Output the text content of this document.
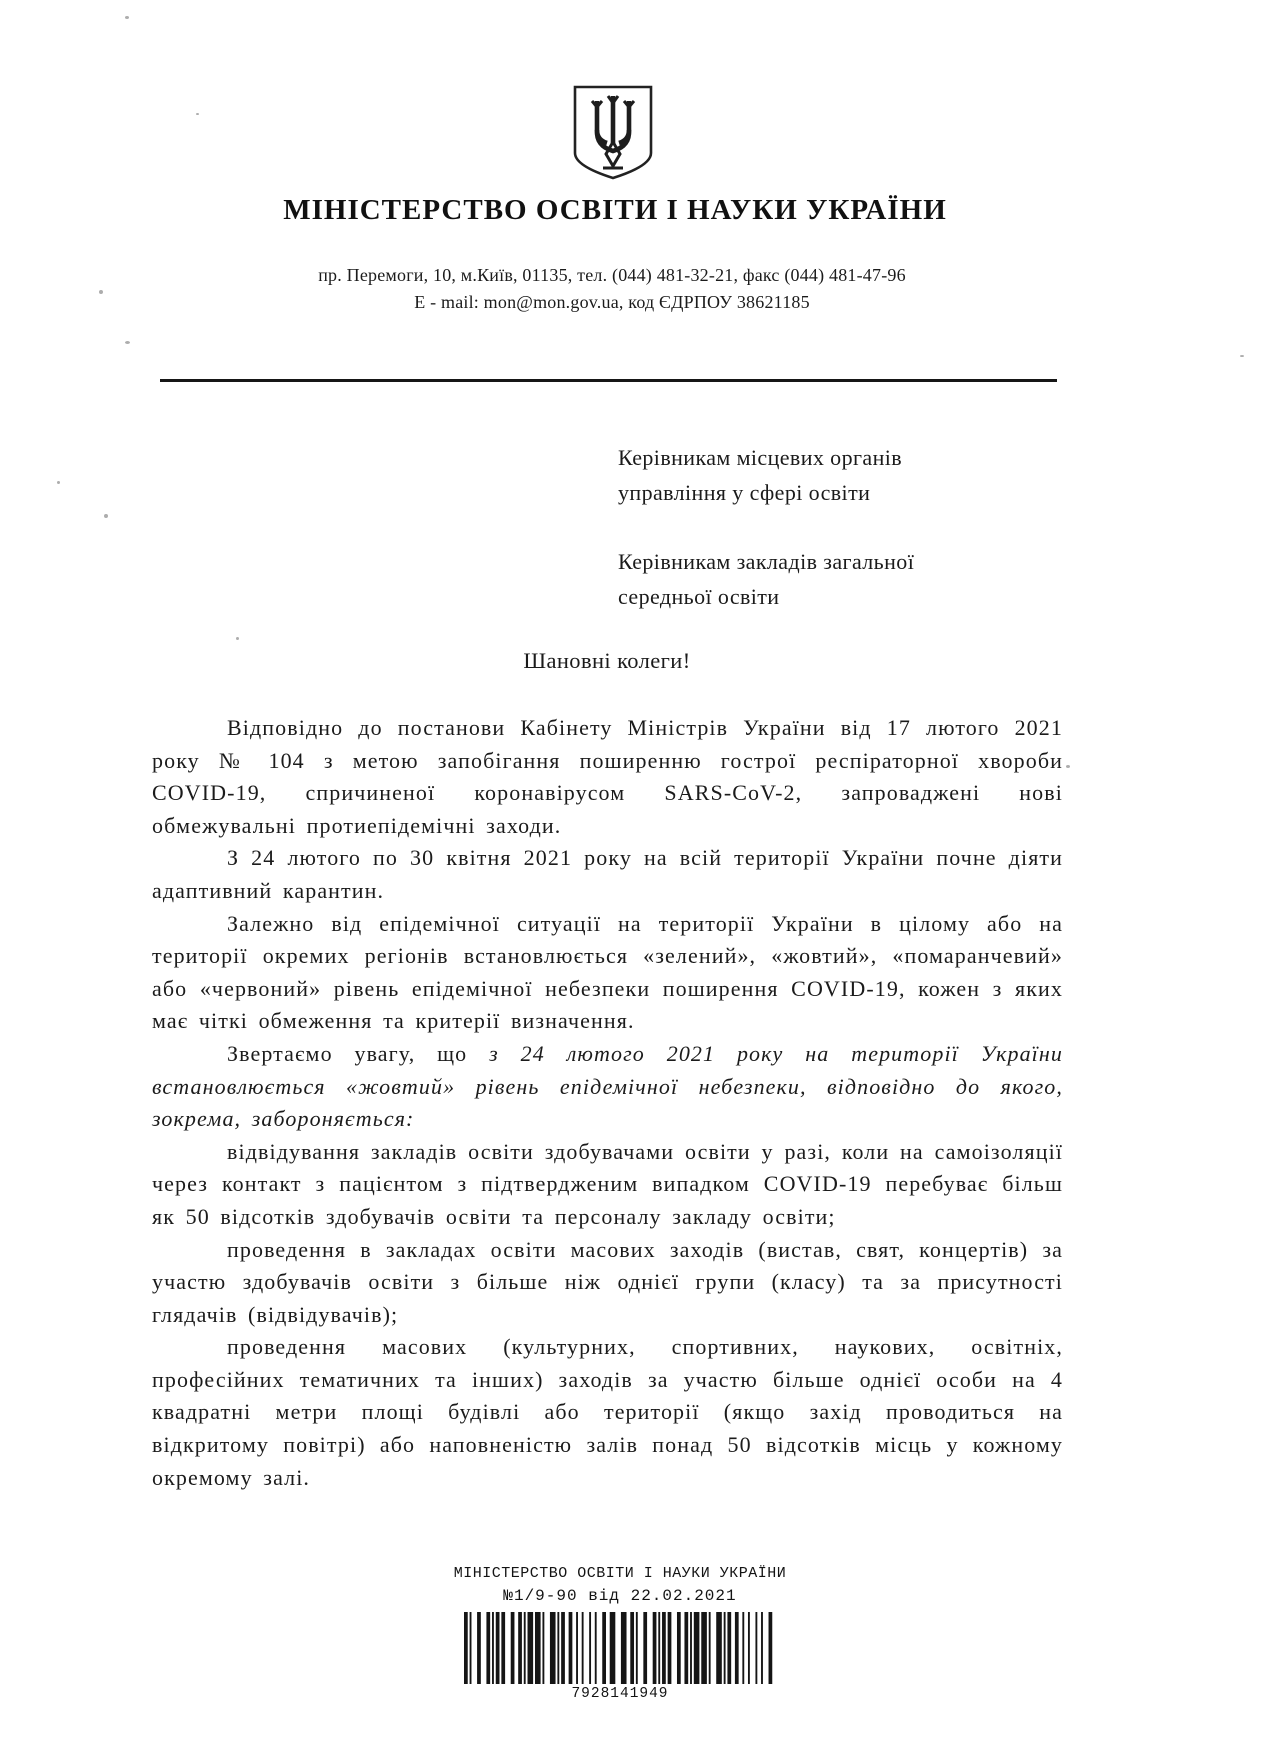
МІНІСТЕРСТВО ОСВІТИ І НАУКИ УКРАЇНИ
пр. Перемоги, 10, м.Київ, 01135, тел. (044) 481-32-21, факс (044) 481-47-96
E - mail: mon@mon.gov.ua, код ЄДРПОУ 38621185

Керівникам місцевих органів
управління у сфері освіти

Керівникам закладів загальної
середньої освіти

Шановні колеги!

Відповідно до постанови Кабінету Міністрів України від 17 лютого 2021 року № 104 з метою запобігання поширенню гострої респіраторної хвороби COVID-19, спричиненої коронавірусом SARS-CoV-2, запроваджені нові обмежувальні протиепідемічні заходи.

З 24 лютого по 30 квітня 2021 року на всій території України почне діяти адаптивний карантин.

Залежно від епідемічної ситуації на території України в цілому або на території окремих регіонів встановлюється «зелений», «жовтий», «помаранчевий» або «червоний» рівень епідемічної небезпеки поширення COVID-19, кожен з яких має чіткі обмеження та критерії визначення.

Звертаємо увагу, що з 24 лютого 2021 року на території України встановлюється «жовтий» рівень епідемічної небезпеки, відповідно до якого, зокрема, забороняється:

відвідування закладів освіти здобувачами освіти у разі, коли на самоізоляції через контакт з пацієнтом з підтвердженим випадком COVID-19 перебуває більш як 50 відсотків здобувачів освіти та персоналу закладу освіти;

проведення в закладах освіти масових заходів (вистав, свят, концертів) за участю здобувачів освіти з більше ніж однієї групи (класу) та за присутності глядачів (відвідувачів);

проведення масових (культурних, спортивних, наукових, освітніх, професійних тематичних та інших) заходів за участю більше однієї особи на 4 квадратні метри площі будівлі або території (якщо захід проводиться на відкритому повітрі) або наповненістю залів понад 50 відсотків місць у кожному окремому залі.

МІНІСТЕРСТВО ОСВІТИ І НАУКИ УКРАЇНИ
№1/9-90 від 22.02.2021
7928141949
